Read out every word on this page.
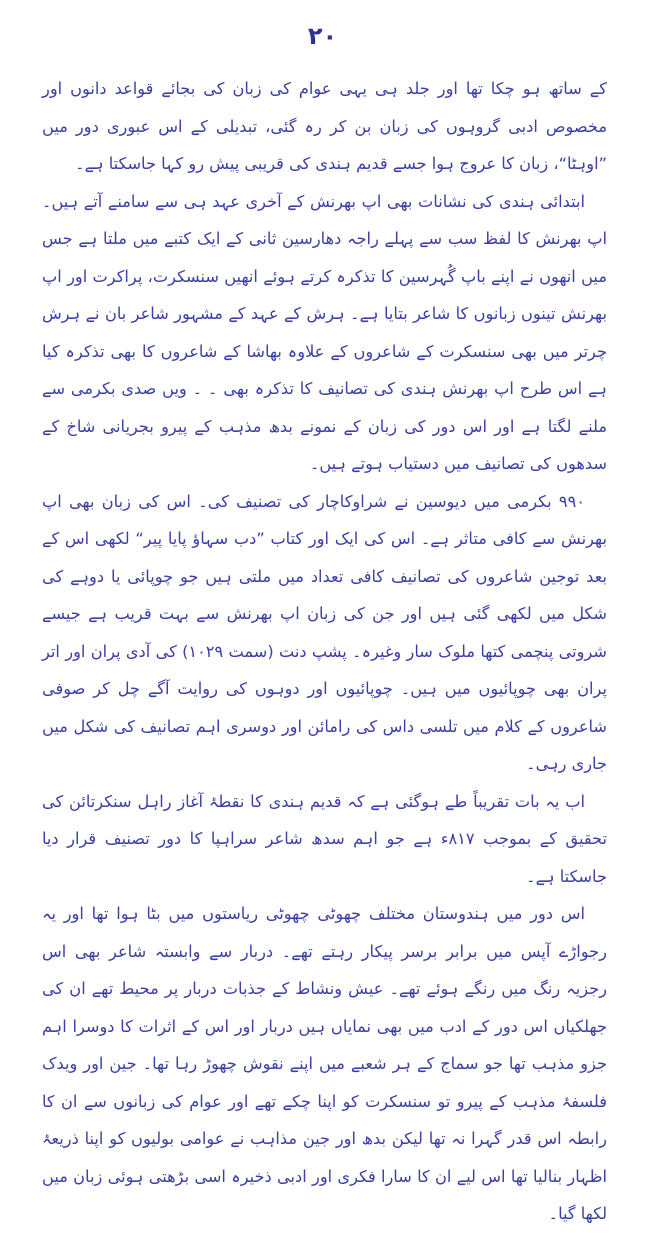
۲۰

کے ساتھ ہو چکا تھا اور جلد ہی یہی عوام کی زبان کی بجائے قواعد دانوں اور مخصوص ادبی گروہوں کی زبان بن کر رہ گئی، تبدیلی کے اس عبوری دور میں ”اوہٹا“، زبان کا عروج ہوا جسے قدیم ہندی کی قریبی پیش رو کہا جاسکتا ہے۔

ابتدائی ہندی کی نشانات بھی اپ بھرنش کے آخری عہد ہی سے سامنے آتے ہیں۔ اپ بھرنش کا لفظ سب سے پہلے راجہ دھارسین ثانی کے ایک کتبے میں ملتا ہے جس میں انھوں نے اپنے باپ گُہرسین کا تذکرہ کرتے ہوئے انھیں سنسکرت، پراکرت اور اپ بھرنش تینوں زبانوں کا شاعر بتایا ہے۔ ہرش کے عہد کے مشہور شاعر بان نے ہرش چرتر میں بھی سنسکرت کے شاعروں کے علاوہ بھاشا کے شاعروں کا بھی تذکرہ کیا ہے اس طرح اپ بھرنش ہندی کی تصانیف کا تذکرہ بھی ۔ ۔ ویں صدی بکرمی سے ملنے لگتا ہے اور اس دور کی زبان کے نمونے بدھ مذہب کے پیرو بجریانی شاخ کے سدھوں کی تصانیف میں دستیاب ہوتے ہیں۔

۹۹۰ بکرمی میں دیوسین نے شراوکاچار کی تصنیف کی۔ اس کی زبان بھی اپ بھرنش سے کافی متاثر ہے۔ اس کی ایک اور کتاب ”دب سہاؤ پایا پیر“ لکھی اس کے بعد توجین شاعروں کی تصانیف کافی تعداد میں ملتی ہیں جو چوپائی یا دوہے کی شکل میں لکھی گئی ہیں اور جن کی زبان اپ بھرنش سے بہت قریب ہے جیسے شروتی پنچمی کتھا ملوک سار وغیرہ۔ پشپ دنت (سمت ۱۰۲۹) کی آدی پران اور اتر پران بھی چوپائیوں میں ہیں۔ چوپائیوں اور دوہوں کی روایت آگے چل کر صوفی شاعروں کے کلام میں تلسی داس کی رامائن اور دوسری اہم تصانیف کی شکل میں جاری رہی۔

اب یہ بات تقریباً طے ہوگئی ہے کہ قدیم ہندی کا نقطۂ آغاز راہل سنکرتائن کی تحقیق کے بموجب ۸۱۷ء ہے جو اہم سدھ شاعر سراہپا کا دور تصنیف قرار دیا جاسکتا ہے۔

اس دور میں ہندوستان مختلف چھوٹی چھوٹی ریاستوں میں بٹا ہوا تھا اور یہ رجواڑے آپس میں برابر برسر پیکار رہتے تھے۔ دربار سے وابستہ شاعر بھی اس رجزیہ رنگ میں رنگے ہوئے تھے۔ عیش ونشاط کے جذبات دربار پر محیط تھے ان کی جھلکیاں اس دور کے ادب میں بھی نمایاں ہیں دربار اور اس کے اثرات کا دوسرا اہم جزو مذہب تھا جو سماج کے ہر شعبے میں اپنے نقوش چھوڑ رہا تھا۔ جین اور ویدک فلسفۂ مذہب کے پیرو تو سنسکرت کو اپنا چکے تھے اور عوام کی زبانوں سے ان کا رابطہ اس قدر گہرا نہ تھا لیکن بدھ اور جین مذاہب نے عوامی بولیوں کو اپنا ذریعۂ اظہار بنالیا تھا اس لیے ان کا سارا فکری اور ادبی ذخیرہ اسی بڑھتی ہوئی زبان میں لکھا گیا۔
